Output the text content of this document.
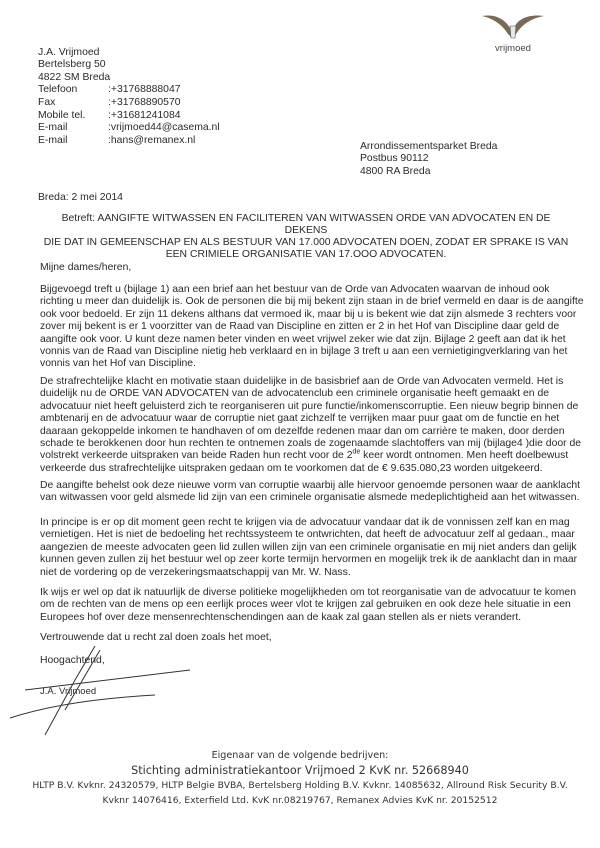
vrijmoed
J.A. Vrijmoed
Bertelsberg 50
4822 SM Breda
Telefoon	:+31768888047
Fax	:+31768890570
Mobile tel.	:+31681241084
E-mail	:vrijmoed44@casema.nl
E-mail	:hans@remanex.nl
Arrondissementsparket Breda
Postbus 90112
4800 RA Breda
Breda: 2 mei 2014
Betreft: AANGIFTE WITWASSEN EN FACILITEREN VAN WITWASSEN ORDE VAN ADVOCATEN EN DE DEKENS
DIE DAT IN GEMEENSCHAP EN ALS BESTUUR VAN 17.000 ADVOCATEN DOEN, ZODAT ER SPRAKE IS VAN
EEN CRIMIELE ORGANISATIE VAN 17.OOO ADVOCATEN.
Mijne dames/heren,
Bijgevoegd treft u (bijlage 1) aan een brief aan het bestuur van de Orde van Advocaten waarvan de inhoud ook
richting u meer dan duidelijk is. Ook de personen die bij mij bekent zijn staan in de brief vermeld en daar is de aangifte
ook voor bedoeld. Er zijn 11 dekens althans dat vermoed ik, maar bij u is bekent wie dat zijn alsmede 3 rechters voor
zover mij bekent is er 1 voorzitter van de Raad van Discipline en zitten er 2 in het Hof van Discipline daar geld de
aangifte ook voor. U kunt deze namen beter vinden en weet vrijwel zeker wie dat zijn. Bijlage 2 geeft aan dat ik het
vonnis van de Raad van Discipline nietig heb verklaard en in bijlage 3 treft u aan een vernietigingverklaring van het
vonnis van het Hof van Discipline.
De strafrechtelijke klacht en motivatie staan duidelijke in de basisbrief aan de Orde van Advocaten vermeld. Het is
duidelijk nu de ORDE VAN ADVOCATEN van de advocatenclub een criminele organisatie heeft gemaakt en de
advocatuur niet heeft geluisterd zich te reorganiseren uit pure functie/inkomenscorruptie. Een nieuw begrip binnen de
ambtenarij en de advocatuur waar de corruptie niet gaat zichzelf te verrijken maar puur gaat om de functie en het
daaraan gekoppelde inkomen te handhaven of om dezelfde redenen maar dan om carrière te maken, door derden
schade te berokkenen door hun rechten te ontnemen zoals de zogenaamde slachtoffers van mij (bijlage4 )die door de
volstrekt verkeerde uitspraken van beide Raden hun recht voor de 2de keer wordt ontnomen. Men heeft doelbewust
verkeerde dus strafrechtelijke uitspraken gedaan om te voorkomen dat de € 9.635.080,23 worden uitgekeerd.
De aangifte behelst ook deze nieuwe vorm van corruptie waarbij alle hiervoor genoemde personen waar de aanklacht
van witwassen voor geld alsmede lid zijn van een criminele organisatie alsmede medeplichtigheid aan het witwassen.
In principe is er op dit moment geen recht te krijgen via de advocatuur vandaar dat ik de vonnissen zelf kan en mag
vernietigen. Het is niet de bedoeling het rechtssysteem te ontwrichten, dat heeft de advocatuur zelf al gedaan., maar
aangezien de meeste advocaten geen lid zullen willen zijn van een criminele organisatie en mij niet anders dan gelijk
kunnen geven zullen zij het bestuur wel op zeer korte termijn hervormen en mogelijk trek ik de aanklacht dan in maar
niet de vordering op de verzekeringsmaatschappij van Mr. W. Nass.
Ik wijs er wel op dat ik natuurlijk de diverse politieke mogelijkheden om tot reorganisatie van de advocatuur te komen
om de rechten van de mens op een eerlijk proces weer vlot te krijgen zal gebruiken en ook deze hele situatie in een
Europees hof over deze mensenrechtenschendingen aan de kaak zal gaan stellen als er niets verandert.
Vertrouwende dat u recht zal doen zoals het moet,
Hoogachtend,
J.A. Vrijmoed
Eigenaar van de volgende bedrijven:
Stichting administratiekantoor Vrijmoed 2 KvK nr. 52668940
HLTP B.V. Kvknr. 24320579, HLTP Belgie BVBA, Bertelsberg Holding B.V. Kvknr. 14085632, Allround Risk Security B.V.
Kvknr 14076416, Exterfield Ltd. KvK nr.08219767, Remanex Advies KvK nr. 20152512
